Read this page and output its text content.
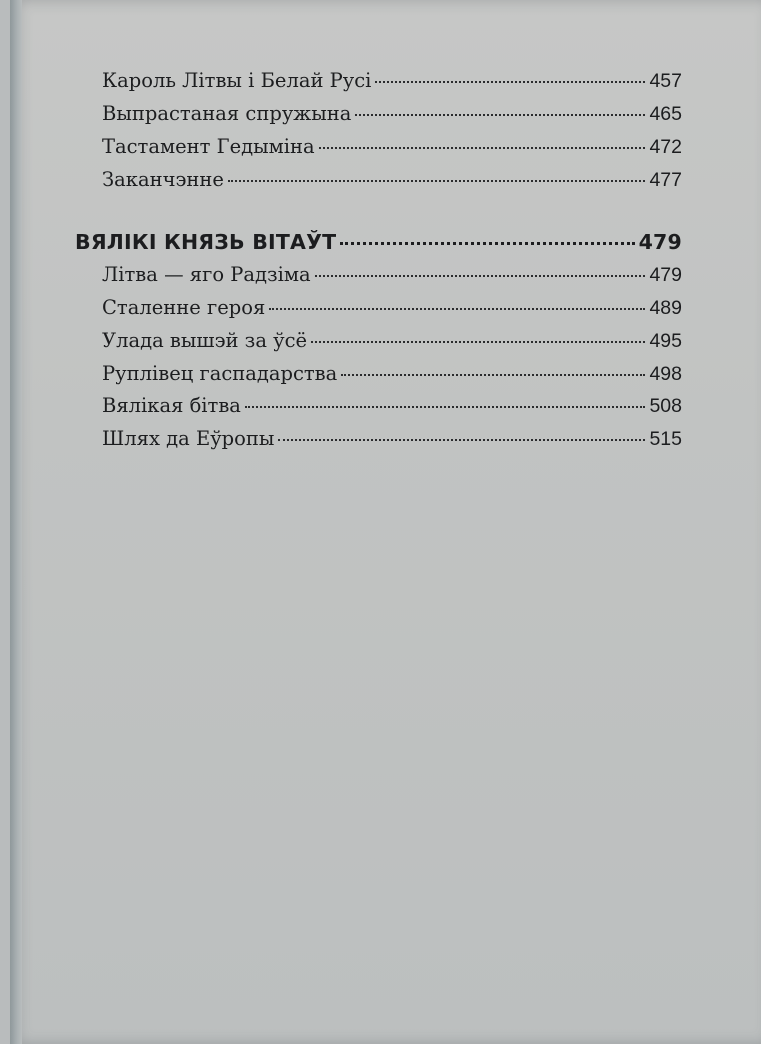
Кароль Літвы і Белай Русі	457
Выпрастаная спружына	465
Тастамент Гедыміна	472
Заканчэнне	477
ВЯЛІКІ КНЯЗЬ ВІТАЎТ	479
Літва — яго Радзіма	479
Сталенне героя	489
Улада вышэй за ўсё	495
Руплівец гаспадарства	498
Вялікая бітва	508
Шлях да Еўропы	515
